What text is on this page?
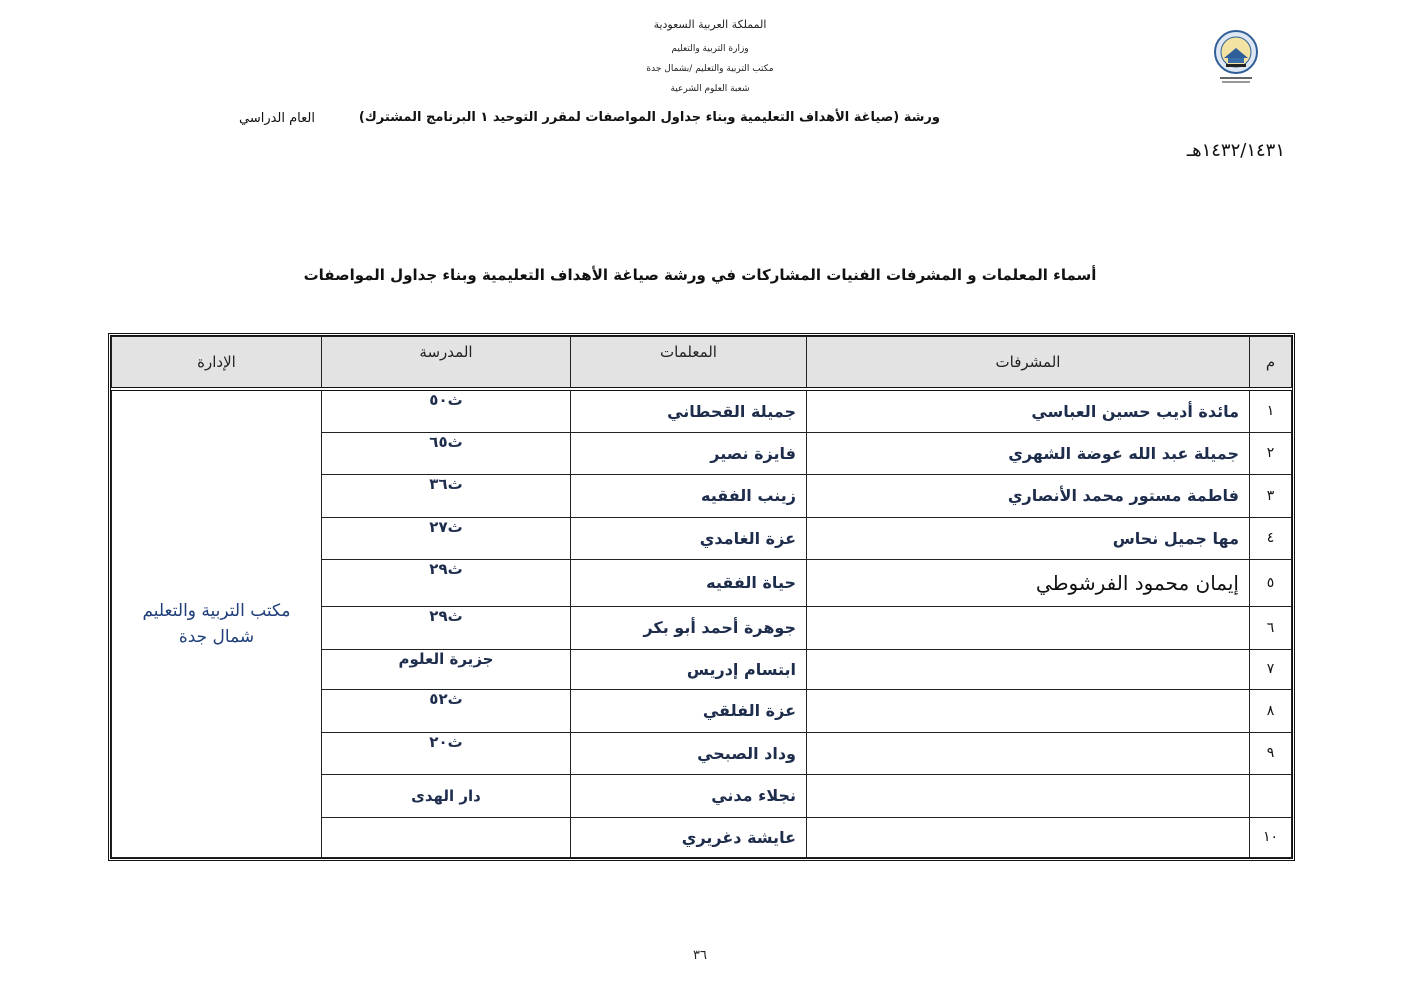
المملكة العربية السعودية
وزارة التربية والتعليم
مكتب التربية والتعليم /بشمال جدة
شعبة العلوم الشرعية
ورشة (صياغة الأهداف التعليمية وبناء جداول المواصفات لمقرر التوحيد ١ البرنامج المشترك)
العام الدراسي
١٤٣٢/١٤٣١هـ
أسماء المعلمات و المشرفات الفنيات المشاركات في ورشة صياغة الأهداف التعليمية وبناء جداول المواصفات
م	المشرفات	المعلمات	المدرسة	الإدارة
١	مائدة أديب حسين العباسي	جميلة القحطاني	ث٥٠	مكتب التربية والتعليم
شمال جدة

٢	جميلة عبد الله عوضة الشهري	فايزة نصير	ث٦٥	
٣	فاطمة مستور محمد الأنصاري	زينب الفقيه	ث٣٦	
٤	مها جميل نحاس	عزة الغامدي	ث٢٧	
٥	إيمان محمود الفرشوطي	حياة الفقيه	ث٢٩	
٦		جوهرة أحمد أبو بكر	ث٢٩	
٧		ابتسام إدريس	جزيرة العلوم	
٨		عزة الفلقي	ث٥٢	
٩		وداد الصبحي	ث٢٠	
		نجلاء مدني	دار الهدى	
١٠		عايشة دغريري		
٣٦
